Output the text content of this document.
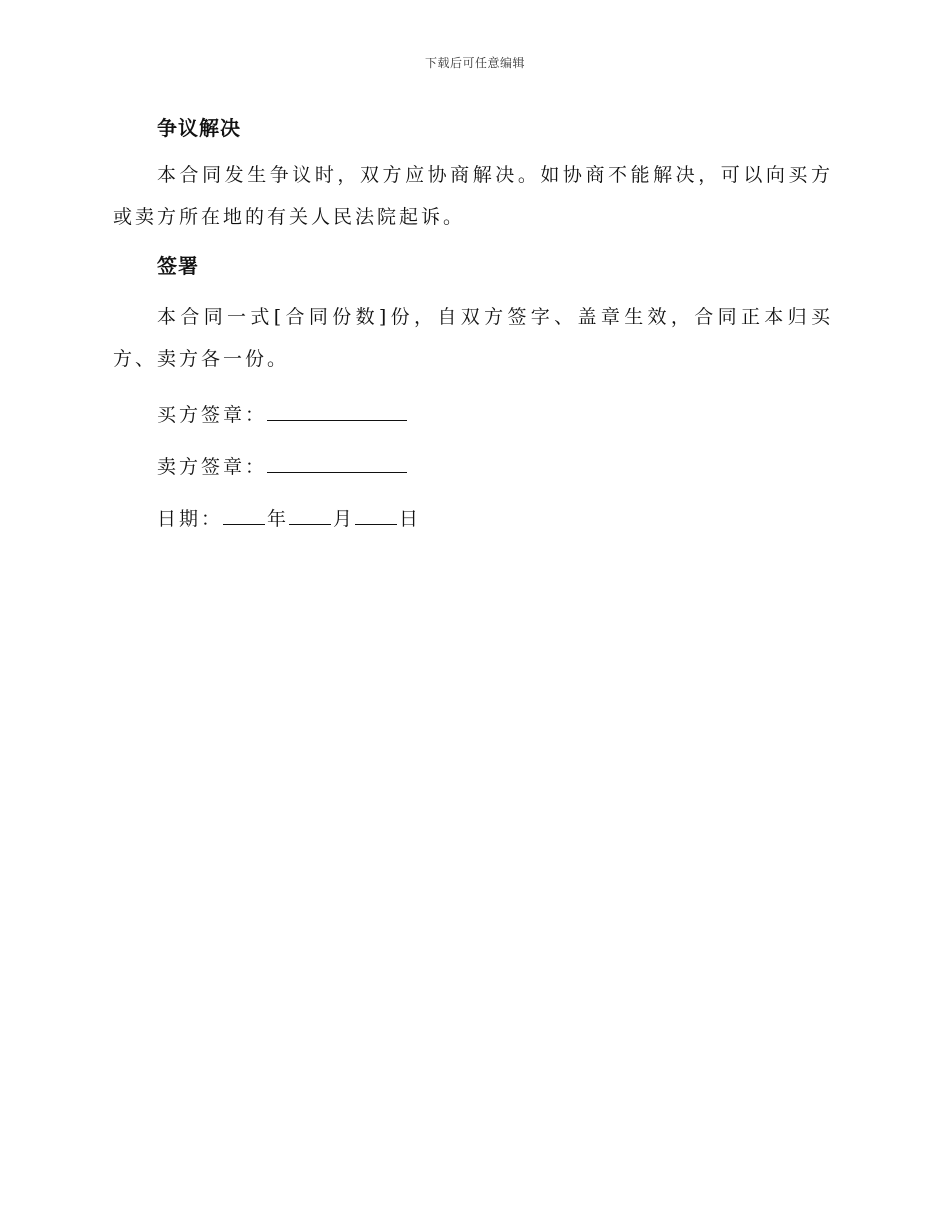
下载后可任意编辑
争议解决

本合同发生争议时，双方应协商解决。如协商不能解决，可以向买方或卖方所在地的有关人民法院起诉。

签署

本合同一式[合同份数]份，自双方签字、盖章生效，合同正本归买方、卖方各一份。

买方签章：
卖方签章：
日期： 年 月 日
